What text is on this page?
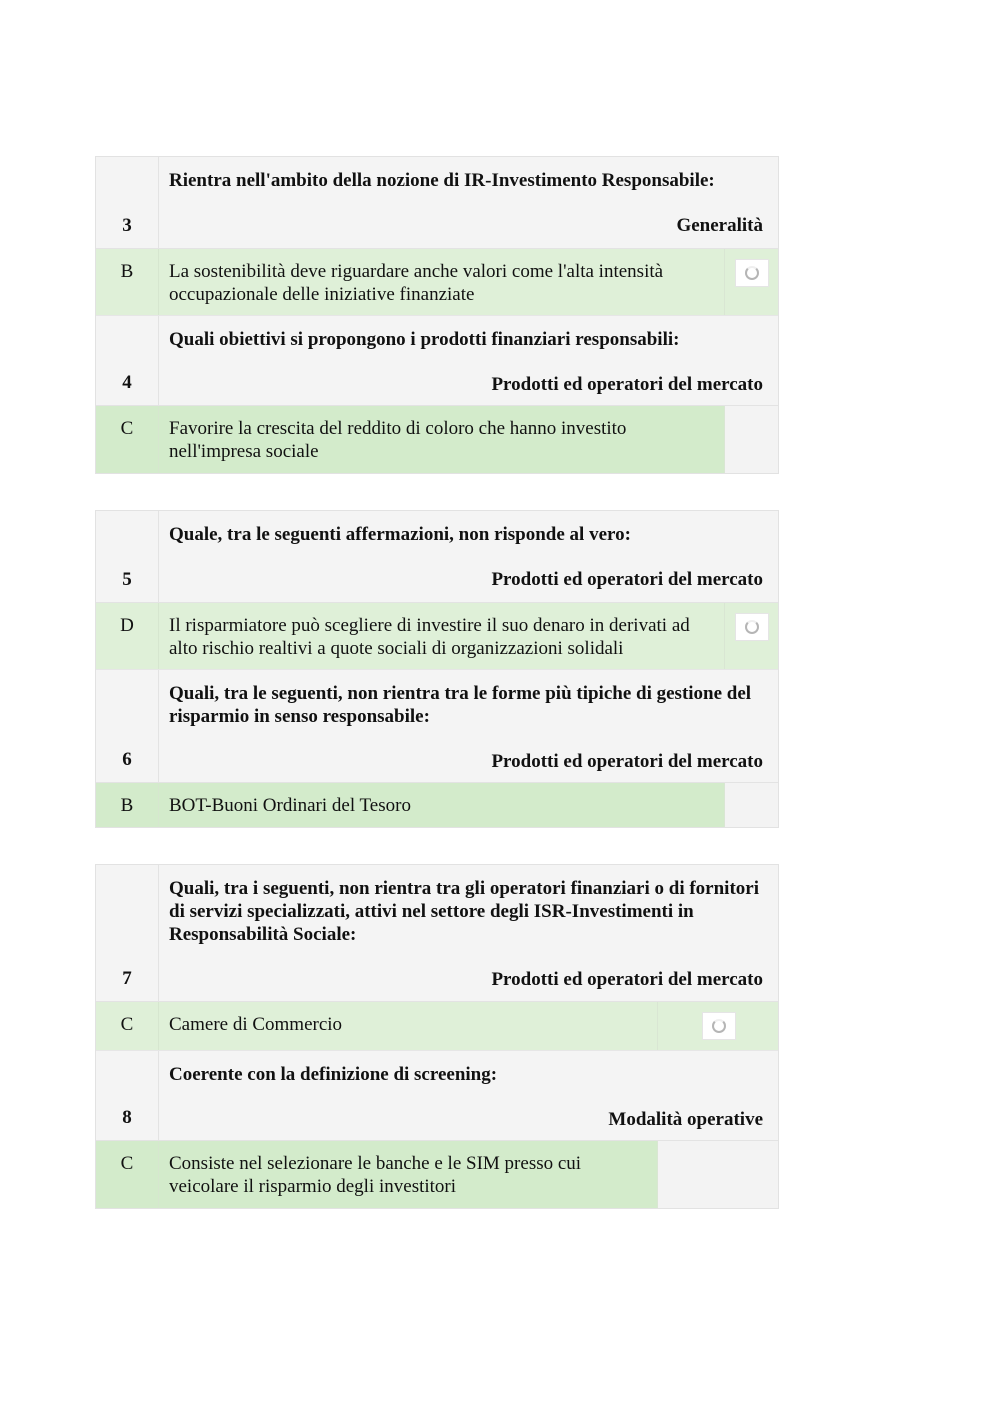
3
Rientra nell'ambito della nozione di IR-Investimento Responsabile:
Generalità
B	La sostenibilità deve riguardare anche valori come l'alta intensità occupazionale delle iniziative finanziate
4
Quali obiettivi si propongono i prodotti finanziari responsabili:
Prodotti ed operatori del mercato
C	Favorire la crescita del reddito di coloro che hanno investito nell'impresa sociale
5
Quale, tra le seguenti affermazioni, non risponde al vero:
Prodotti ed operatori del mercato
D	Il risparmiatore può scegliere di investire il suo denaro in derivati ad alto rischio realtivi a quote sociali di organizzazioni solidali
6
Quali, tra le seguenti, non rientra tra le forme più tipiche di gestione del risparmio in senso responsabile:
Prodotti ed operatori del mercato
B	BOT-Buoni Ordinari del Tesoro
7
Quali, tra i seguenti, non rientra tra gli operatori finanziari o di fornitori di servizi specializzati, attivi nel settore degli ISR-Investimenti in Responsabilità Sociale:
Prodotti ed operatori del mercato
C	Camere di Commercio
8
Coerente con la definizione di screening:
Modalità operative
C	Consiste nel selezionare le banche e le SIM presso cui veicolare il risparmio degli investitori
